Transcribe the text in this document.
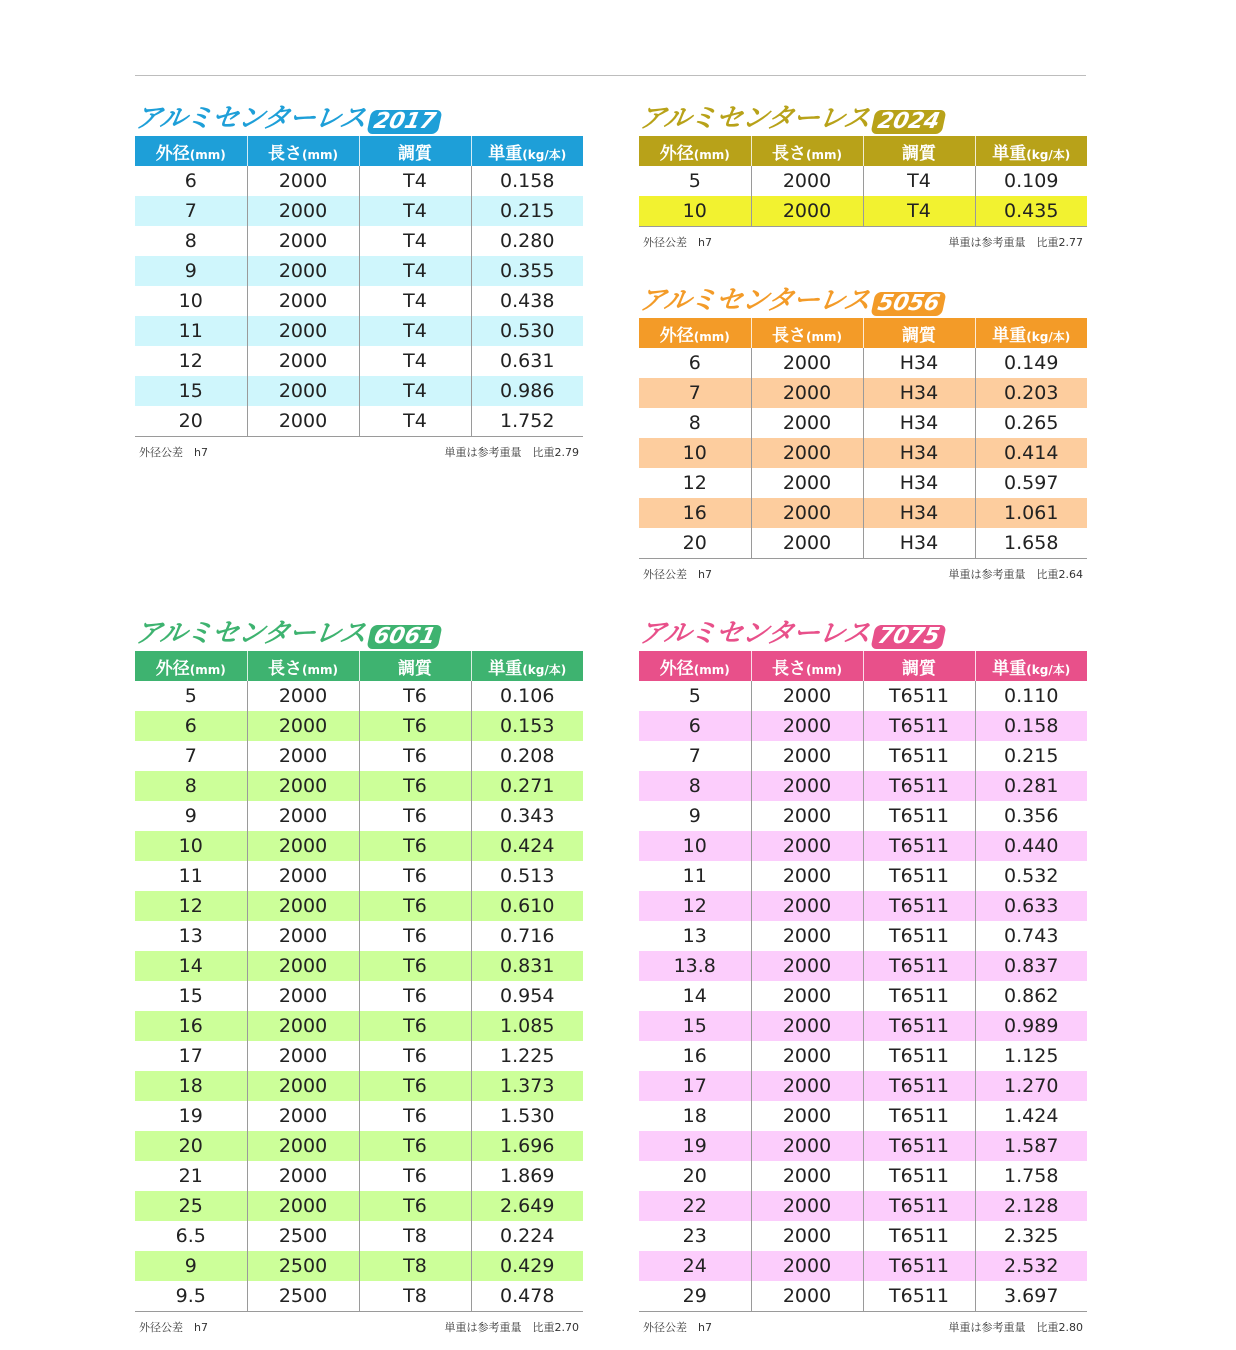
アルミセンターレス 2017
外径(mm)	長さ(mm)	調質	単重(kg/本)
6	2000	T4	0.158
7	2000	T4	0.215
8	2000	T4	0.280
9	2000	T4	0.355
10	2000	T4	0.438
11	2000	T4	0.530
12	2000	T4	0.631
15	2000	T4	0.986
20	2000	T4	1.752
外径公差　h7	単重は参考重量　比重2.79
アルミセンターレス 2024
外径(mm)	長さ(mm)	調質	単重(kg/本)
5	2000	T4	0.109
10	2000	T4	0.435
外径公差　h7	単重は参考重量　比重2.77
アルミセンターレス 5056
外径(mm)	長さ(mm)	調質	単重(kg/本)
6	2000	H34	0.149
7	2000	H34	0.203
8	2000	H34	0.265
10	2000	H34	0.414
12	2000	H34	0.597
16	2000	H34	1.061
20	2000	H34	1.658
外径公差　h7	単重は参考重量　比重2.64
アルミセンターレス 6061
外径(mm)	長さ(mm)	調質	単重(kg/本)
5	2000	T6	0.106
6	2000	T6	0.153
7	2000	T6	0.208
8	2000	T6	0.271
9	2000	T6	0.343
10	2000	T6	0.424
11	2000	T6	0.513
12	2000	T6	0.610
13	2000	T6	0.716
14	2000	T6	0.831
15	2000	T6	0.954
16	2000	T6	1.085
17	2000	T6	1.225
18	2000	T6	1.373
19	2000	T6	1.530
20	2000	T6	1.696
21	2000	T6	1.869
25	2000	T6	2.649
6.5	2500	T8	0.224
9	2500	T8	0.429
9.5	2500	T8	0.478
外径公差　h7	単重は参考重量　比重2.70
アルミセンターレス 7075
外径(mm)	長さ(mm)	調質	単重(kg/本)
5	2000	T6511	0.110
6	2000	T6511	0.158
7	2000	T6511	0.215
8	2000	T6511	0.281
9	2000	T6511	0.356
10	2000	T6511	0.440
11	2000	T6511	0.532
12	2000	T6511	0.633
13	2000	T6511	0.743
13.8	2000	T6511	0.837
14	2000	T6511	0.862
15	2000	T6511	0.989
16	2000	T6511	1.125
17	2000	T6511	1.270
18	2000	T6511	1.424
19	2000	T6511	1.587
20	2000	T6511	1.758
22	2000	T6511	2.128
23	2000	T6511	2.325
24	2000	T6511	2.532
29	2000	T6511	3.697
外径公差　h7	単重は参考重量　比重2.80
